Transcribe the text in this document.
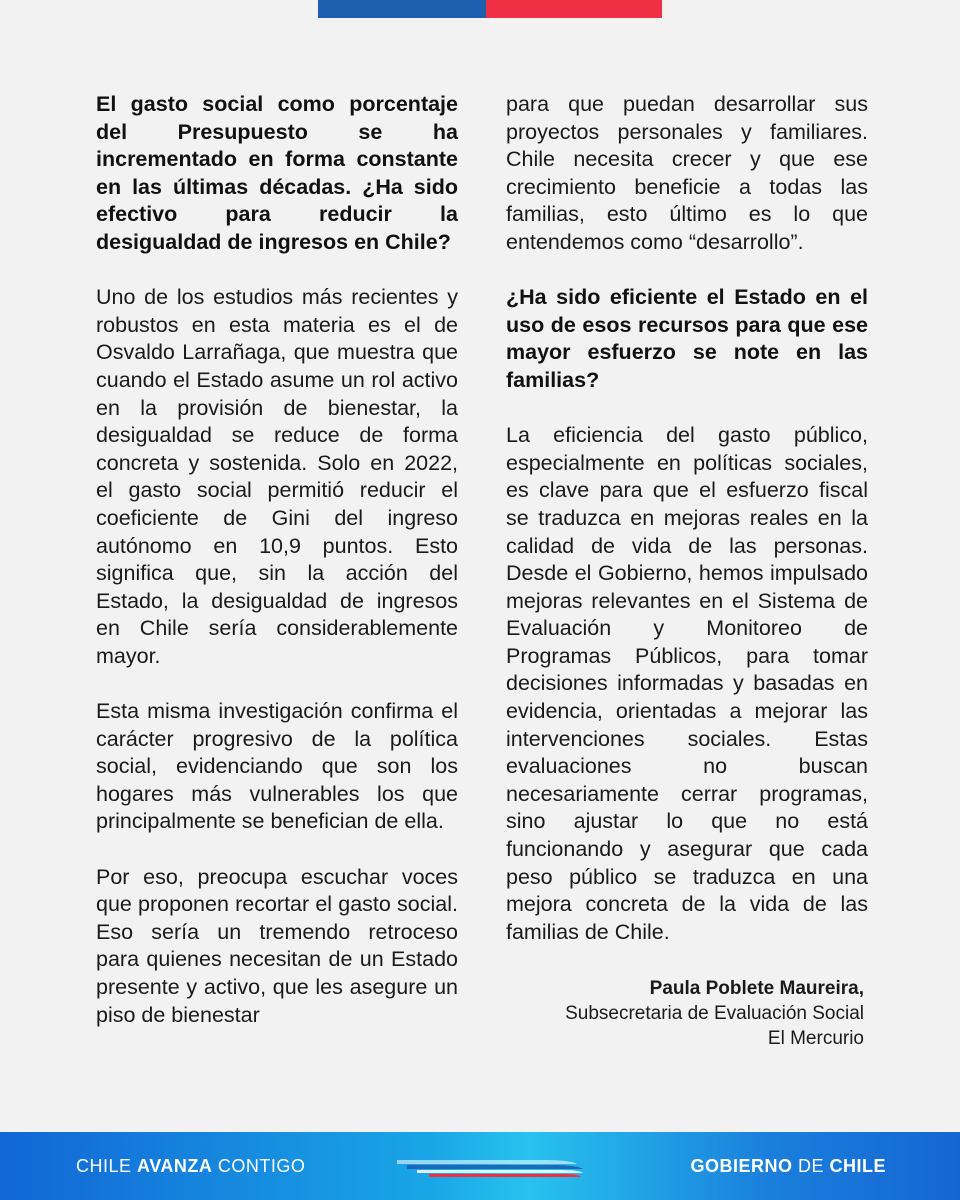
El gasto social como porcentaje del Presupuesto se ha incrementado en forma constante en las últimas décadas. ¿Ha sido efectivo para reducir la desigualdad de ingresos en Chile?

Uno de los estudios más recientes y robustos en esta materia es el de Osvaldo Larrañaga, que muestra que cuando el Estado asume un rol activo en la provisión de bienestar, la desigualdad se reduce de forma concreta y sostenida. Solo en 2022, el gasto social permitió reducir el coeficiente de Gini del ingreso autónomo en 10,9 puntos. Esto significa que, sin la acción del Estado, la desigualdad de ingresos en Chile sería considerablemente mayor.

Esta misma investigación confirma el carácter progresivo de la política social, evidenciando que son los hogares más vulnerables los que principalmente se benefician de ella.

Por eso, preocupa escuchar voces que proponen recortar el gasto social. Eso sería un tremendo retroceso para quienes necesitan de un Estado presente y activo, que les asegure un piso de bienestar

para que puedan desarrollar sus proyectos personales y familiares. Chile necesita crecer y que ese crecimiento beneficie a todas las familias, esto último es lo que entendemos como “desarrollo”.

¿Ha sido eficiente el Estado en el uso de esos recursos para que ese mayor esfuerzo se note en las familias?

La eficiencia del gasto público, especialmente en políticas sociales, es clave para que el esfuerzo fiscal se traduzca en mejoras reales en la calidad de vida de las personas. Desde el Gobierno, hemos impulsado mejoras relevantes en el Sistema de Evaluación y Monitoreo de Programas Públicos, para tomar decisiones informadas y basadas en evidencia, orientadas a mejorar las intervenciones sociales. Estas evaluaciones no buscan necesariamente cerrar programas, sino ajustar lo que no está funcionando y asegurar que cada peso público se traduzca en una mejora concreta de la vida de las familias de Chile.

Paula Poblete Maureira,
Subsecretaria de Evaluación Social
El Mercurio
CHILE AVANZA CONTIGO	GOBIERNO DE CHILE
